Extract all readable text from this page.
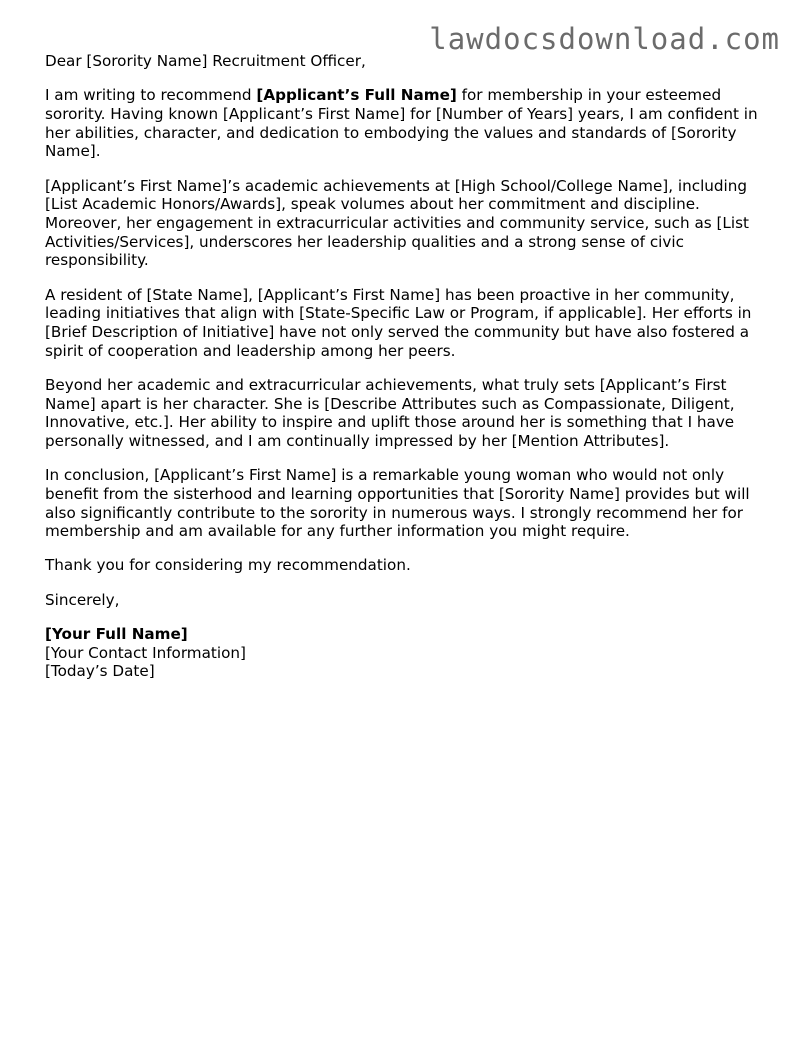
lawdocsdownload.com

Dear [Sorority Name] Recruitment Officer,

I am writing to recommend [Applicant’s Full Name] for membership in your esteemed sorority. Having known [Applicant’s First Name] for [Number of Years] years, I am confident in her abilities, character, and dedication to embodying the values and standards of [Sorority Name].

[Applicant’s First Name]’s academic achievements at [High School/College Name], including [List Academic Honors/Awards], speak volumes about her commitment and discipline. Moreover, her engagement in extracurricular activities and community service, such as [List Activities/Services], underscores her leadership qualities and a strong sense of civic responsibility.

A resident of [State Name], [Applicant’s First Name] has been proactive in her community, leading initiatives that align with [State-Specific Law or Program, if applicable]. Her efforts in [Brief Description of Initiative] have not only served the community but have also fostered a spirit of cooperation and leadership among her peers.

Beyond her academic and extracurricular achievements, what truly sets [Applicant’s First Name] apart is her character. She is [Describe Attributes such as Compassionate, Diligent, Innovative, etc.]. Her ability to inspire and uplift those around her is something that I have personally witnessed, and I am continually impressed by her [Mention Attributes].

In conclusion, [Applicant’s First Name] is a remarkable young woman who would not only benefit from the sisterhood and learning opportunities that [Sorority Name] provides but will also significantly contribute to the sorority in numerous ways. I strongly recommend her for membership and am available for any further information you might require.

Thank you for considering my recommendation.

Sincerely,

[Your Full Name]
[Your Contact Information]
[Today’s Date]
